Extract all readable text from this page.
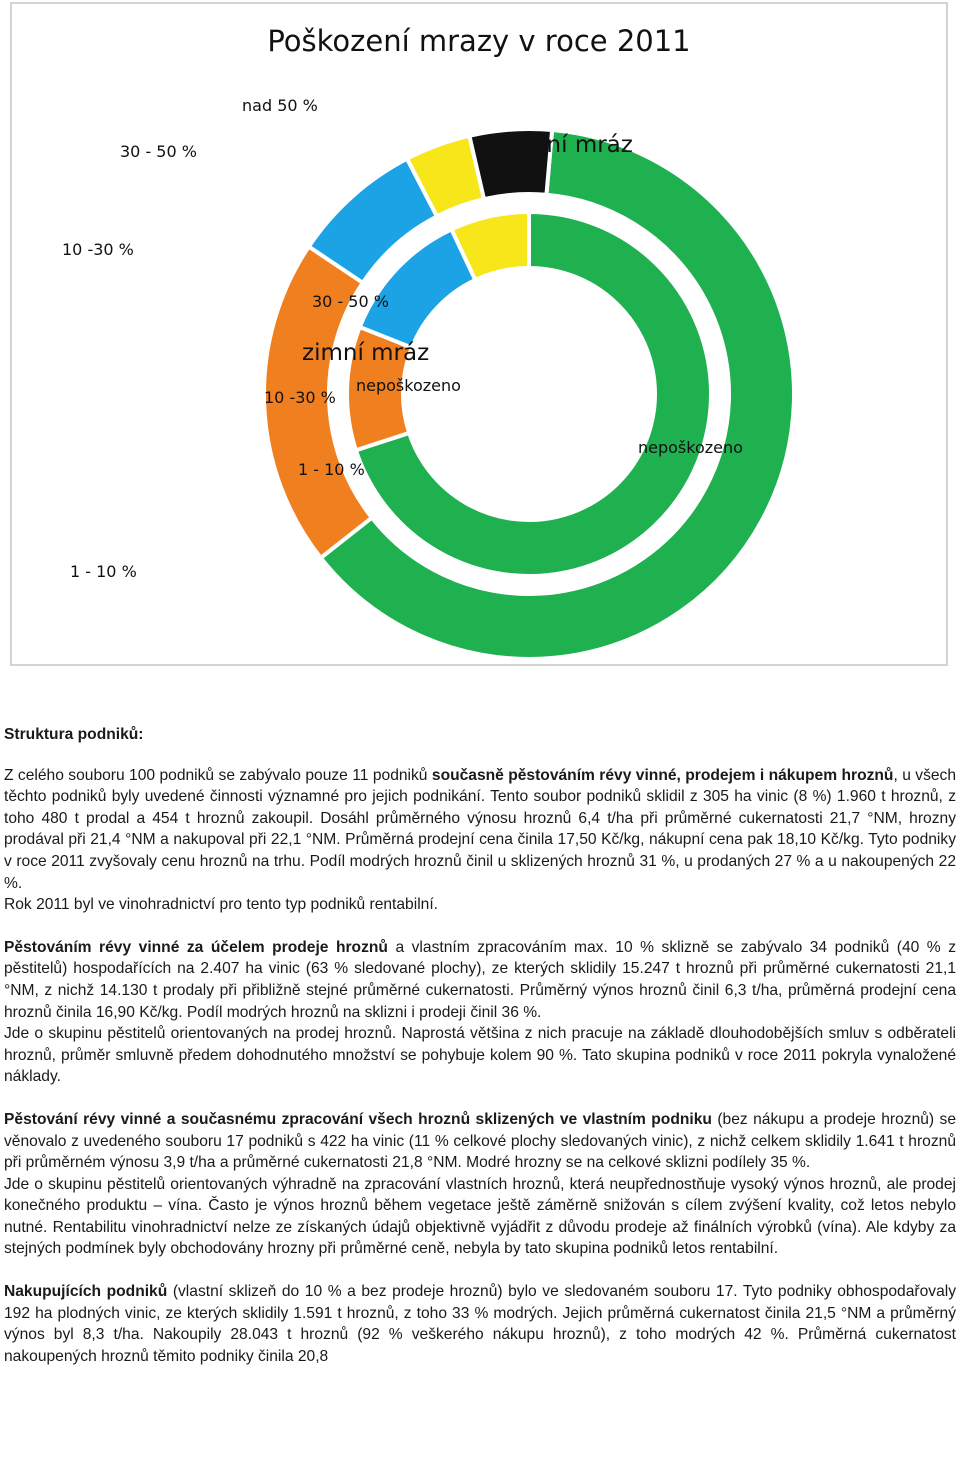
Poškození mrazy v roce 2011
nad 50 %
30 - 50 %	jarní mráz
10 -30 %
30 - 50 %
zimní mráz
nepoškozeno
10 -30 %
nepoškozeno
1 - 10 %
1 - 10 %

Struktura podniků:

Z celého souboru 100 podniků se zabývalo pouze 11 podniků současně pěstováním révy vinné, prodejem i nákupem hroznů, u všech těchto podniků byly uvedené činnosti významné pro jejich podnikání. Tento soubor podniků sklidil z 305 ha vinic (8 %) 1.960 t hroznů, z toho 480 t prodal a 454 t hroznů zakoupil. Dosáhl průměrného výnosu hroznů 6,4 t/ha při průměrné cukernatosti 21,7 °NM, hrozny prodával při 21,4 °NM a nakupoval při 22,1 °NM. Průměrná prodejní cena činila 17,50 Kč/kg, nákupní cena pak 18,10 Kč/kg. Tyto podniky v roce 2011 zvyšovaly cenu hroznů na trhu. Podíl modrých hroznů činil u sklizených hroznů 31 %, u prodaných 27 % a u nakoupených 22 %.

Rok 2011 byl ve vinohradnictví pro tento typ podniků rentabilní.

Pěstováním révy vinné za účelem prodeje hroznů a vlastním zpracováním max. 10 % sklizně se zabývalo 34 podniků (40 % z pěstitelů) hospodařících na 2.407 ha vinic (63 % sledované plochy), ze kterých sklidily 15.247 t hroznů při průměrné cukernatosti 21,1 °NM, z nichž 14.130 t prodaly při přibližně stejné průměrné cukernatosti. Průměrný výnos hroznů činil 6,3 t/ha, průměrná prodejní cena hroznů činila 16,90 Kč/kg. Podíl modrých hroznů na sklizni i prodeji činil 36 %.

Jde o skupinu pěstitelů orientovaných na prodej hroznů. Naprostá většina z nich pracuje na základě dlouhodobějších smluv s odběrateli hroznů, průměr smluvně předem dohodnutého množství se pohybuje kolem 90 %. Tato skupina podniků v roce 2011 pokryla vynaložené náklady.

Pěstování révy vinné a současnému zpracování všech hroznů sklizených ve vlastním podniku (bez nákupu a prodeje hroznů) se věnovalo z uvedeného souboru 17 podniků s 422 ha vinic (11 % celkové plochy sledovaných vinic), z nichž celkem sklidily 1.641 t hroznů při průměrném výnosu 3,9 t/ha a průměrné cukernatosti 21,8 °NM. Modré hrozny se na celkové sklizni podílely 35 %.

Jde o skupinu pěstitelů orientovaných výhradně na zpracování vlastních hroznů, která neupřednostňuje vysoký výnos hroznů, ale prodej konečného produktu – vína. Často je výnos hroznů během vegetace ještě záměrně snižován s cílem zvýšení kvality, což letos nebylo nutné. Rentabilitu vinohradnictví nelze ze získaných údajů objektivně vyjádřit z důvodu prodeje až finálních výrobků (vína). Ale kdyby za stejných podmínek byly obchodovány hrozny při průměrné ceně, nebyla by tato skupina podniků letos rentabilní.

Nakupujících podniků (vlastní sklizeň do 10 % a bez prodeje hroznů) bylo ve sledovaném souboru 17. Tyto podniky obhospodařovaly 192 ha plodných vinic, ze kterých sklidily 1.591 t hroznů, z toho 33 % modrých. Jejich průměrná cukernatost činila 21,5 °NM a průměrný výnos byl 8,3 t/ha. Nakoupily 28.043 t hroznů (92 % veškerého nákupu hroznů), z toho modrých 42 %. Průměrná cukernatost nakoupených hroznů těmito podniky činila 20,8
